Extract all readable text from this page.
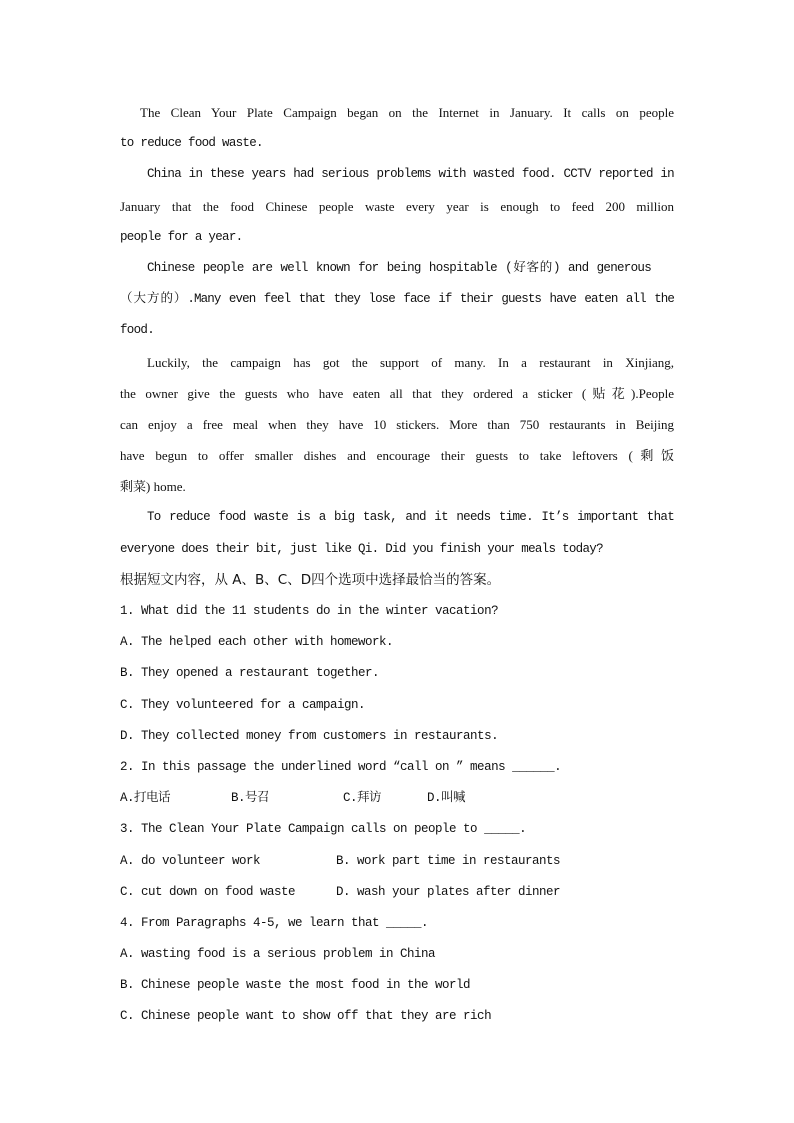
The Clean Your Plate Campaign began on the Internet in January. It calls on people
to reduce food waste.
China in these years had serious problems with wasted food. CCTV reported in
January that the food Chinese people waste every year is enough to feed 200 million
people for a year.
Chinese people are well known for being hospitable (好客的) and generous
（大方的）.Many even feel that they lose face if their guests have eaten all the
food.
Luckily, the campaign has got the support of many. In a restaurant in Xinjiang,
the owner give the guests who have eaten all that they ordered a sticker (贴花).People
can enjoy a free meal when they have 10 stickers. More than 750 restaurants in Beijing
have begun to offer smaller dishes and encourage their guests to take leftovers (剩饭
剩菜) home.
To reduce food waste is a big task, and it needs time. It’s important that
everyone does their bit, just like Qi. Did you finish your meals today?
根据短文内容，从 A、B、C、D四个选项中选择最恰当的答案。
1. What did the 11 students do in the winter vacation?
A. The helped each other with homework.
B. They opened a restaurant together.
C. They volunteered for a campaign.
D. They collected money from customers in restaurants.
2. In this passage the underlined word “call on ” means ______.
A.打电话	B.号召	C.拜访	D.叫喊
3. The Clean Your Plate Campaign calls on people to _____.
A. do volunteer work	B. work part time in restaurants
C. cut down on food waste	D. wash your plates after dinner
4. From Paragraphs 4-5, we learn that _____.
A. wasting food is a serious problem in China
B. Chinese people waste the most food in the world
C. Chinese people want to show off that they are rich
